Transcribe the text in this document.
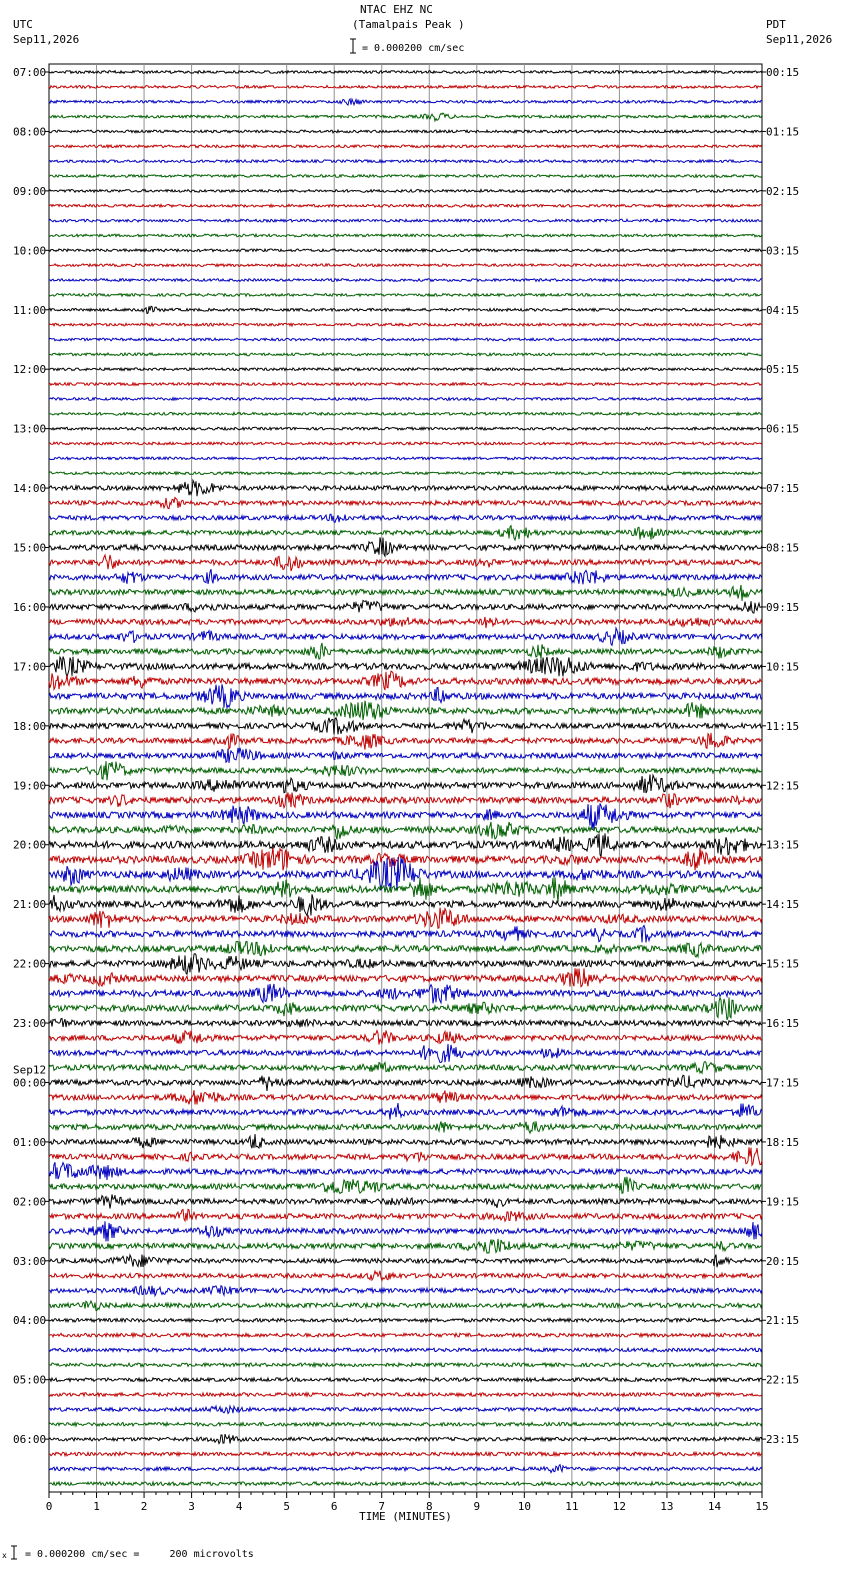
NTAC EHZ NC
(Tamalpais Peak )
UTC
Sep11,2026
PDT
Sep11,2026
= 0.000200 cm/sec
x = 0.000200 cm/sec =     200 microvolts
0	1	2	3	4	5	6	7	8	9	10	11	12	13	14	15
TIME (MINUTES)
07:00	00:15
08:00	01:15
09:00	02:15
10:00	03:15
11:00	04:15
12:00	05:15
13:00	06:15
14:00	07:15
15:00	08:15
16:00	09:15
17:00	10:15
18:00	11:15
19:00	12:15
20:00	13:15
21:00	14:15
22:00	15:15
23:00	16:15
00:00	17:15
Sep12
01:00	18:15
02:00	19:15
03:00	20:15
04:00	21:15
05:00	22:15
06:00	23:15
